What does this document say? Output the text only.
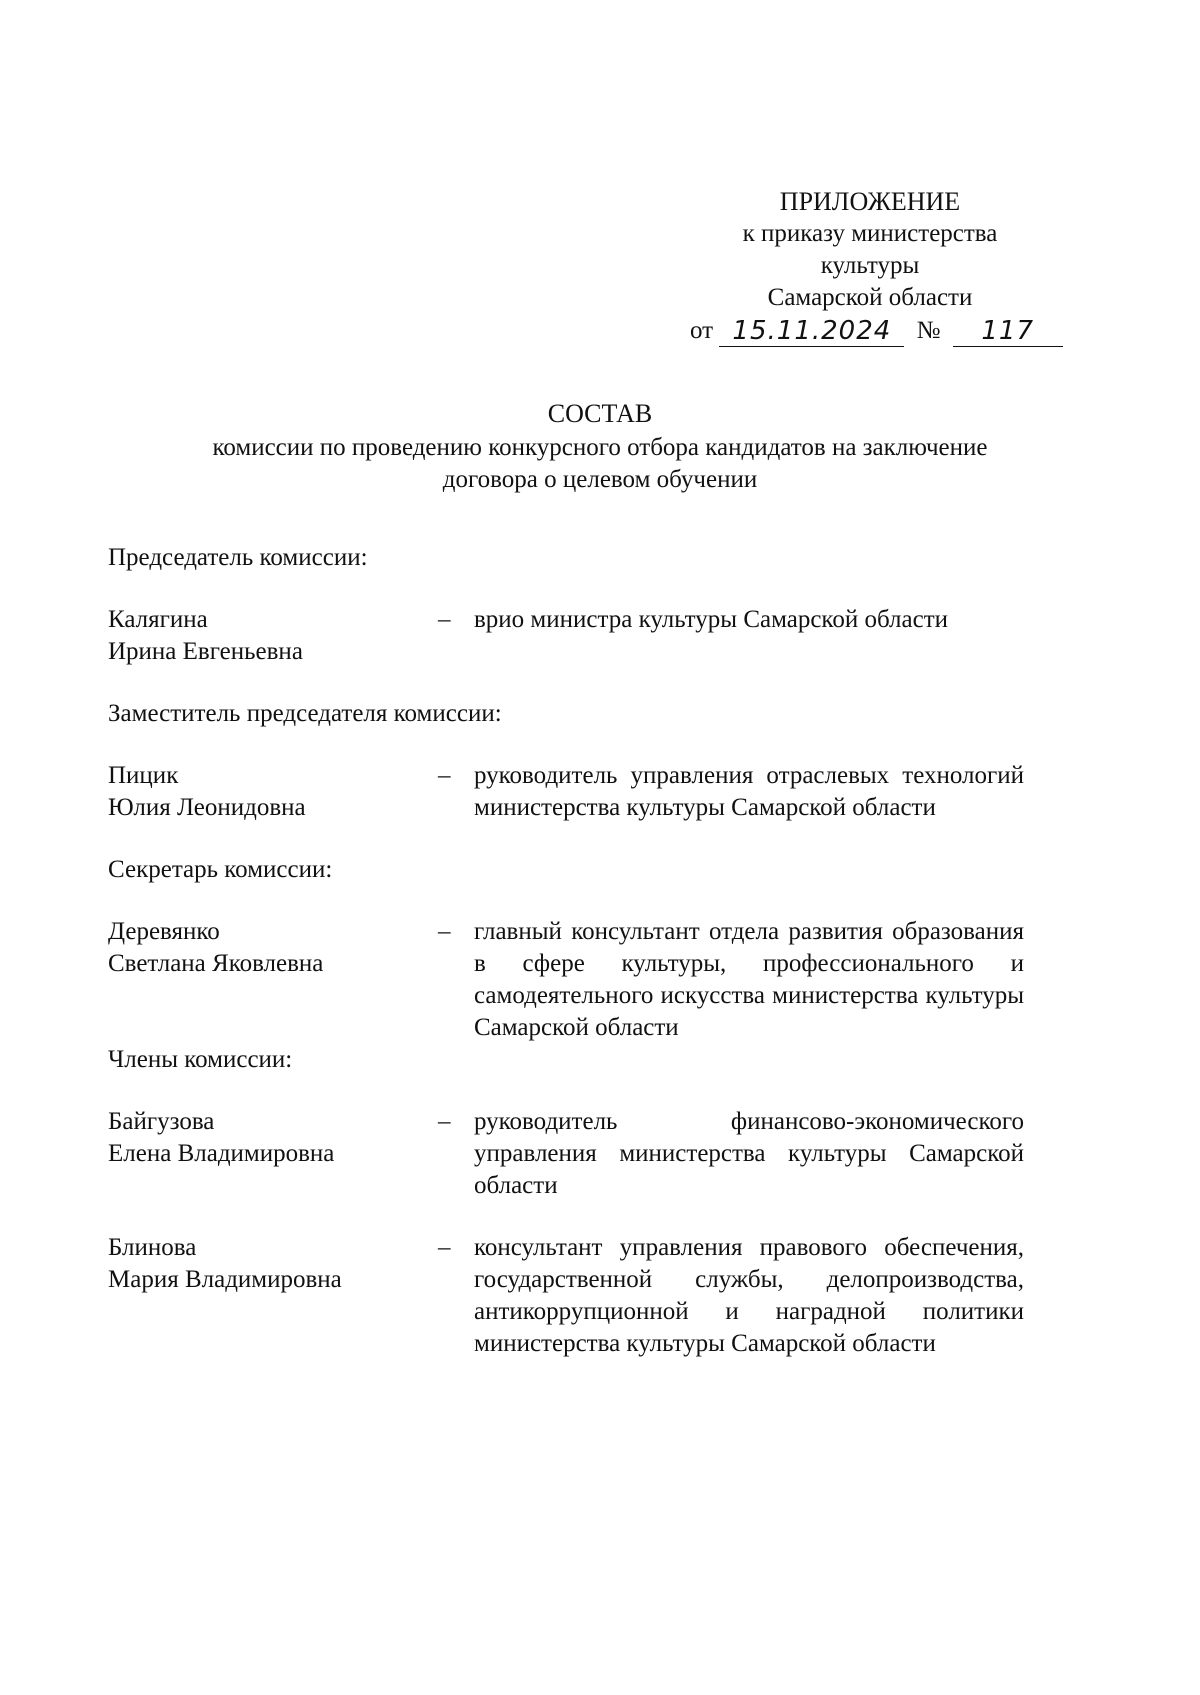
ПРИЛОЖЕНИЕ
к приказу министерства
культуры
Самарской области
от 15.11.2024 № 117
СОСТАВ
комиссии по проведению конкурсного отбора кандидатов на заключение
договора о целевом обучении

Председатель комиссии:

Калягина
Ирина Евгеньевна
– врио министра культуры Самарской области

Заместитель председателя комиссии:

Пицик
Юлия Леонидовна
– руководитель управления отраслевых технологий министерства культуры Самарской области

Секретарь комиссии:

Деревянко
Светлана Яковлевна
– главный консультант отдела развития образования в сфере культуры, профессионального и самодеятельного искусства министерства культуры Самарской области

Члены комиссии:

Байгузова
Елена Владимировна
– руководитель финансово-экономического управления министерства культуры Самарской области
Блинова
Мария Владимировна
– консультант управления правового обеспечения, государственной службы, делопроизводства, антикоррупционной и наградной политики министерства культуры Самарской области
